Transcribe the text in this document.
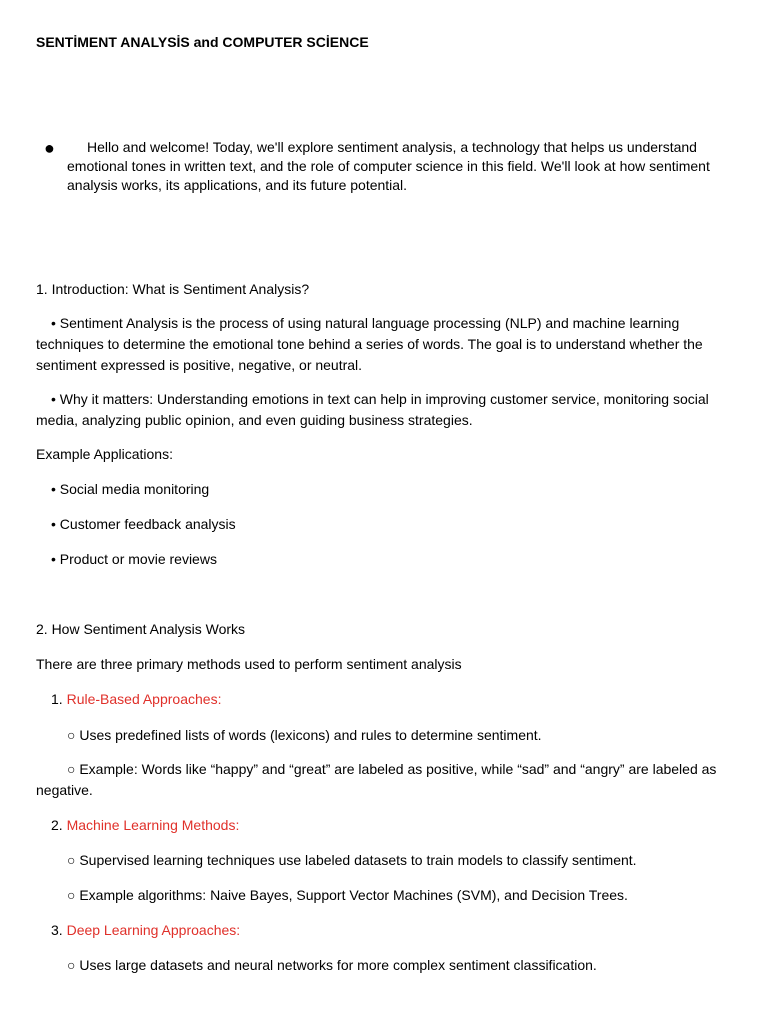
SENTİMENT ANALYSİS and COMPUTER SCİENCE
●	Hello and welcome! Today, we'll explore sentiment analysis, a technology that helps us understand emotional tones in written text, and the role of computer science in this field. We'll look at how sentiment analysis works, its applications, and its future potential.
1. Introduction: What is Sentiment Analysis?
• Sentiment Analysis is the process of using natural language processing (NLP) and machine learning techniques to determine the emotional tone behind a series of words. The goal is to understand whether the sentiment expressed is positive, negative, or neutral.
• Why it matters: Understanding emotions in text can help in improving customer service, monitoring social media, analyzing public opinion, and even guiding business strategies.
Example Applications:
• Social media monitoring
• Customer feedback analysis
• Product or movie reviews
2. How Sentiment Analysis Works
There are three primary methods used to perform sentiment analysis
1. Rule-Based Approaches:
○ Uses predefined lists of words (lexicons) and rules to determine sentiment.
○ Example: Words like “happy” and “great” are labeled as positive, while “sad” and “angry” are labeled as negative.
2. Machine Learning Methods:
○ Supervised learning techniques use labeled datasets to train models to classify sentiment.
○ Example algorithms: Naive Bayes, Support Vector Machines (SVM), and Decision Trees.
3. Deep Learning Approaches:
○ Uses large datasets and neural networks for more complex sentiment classification.
